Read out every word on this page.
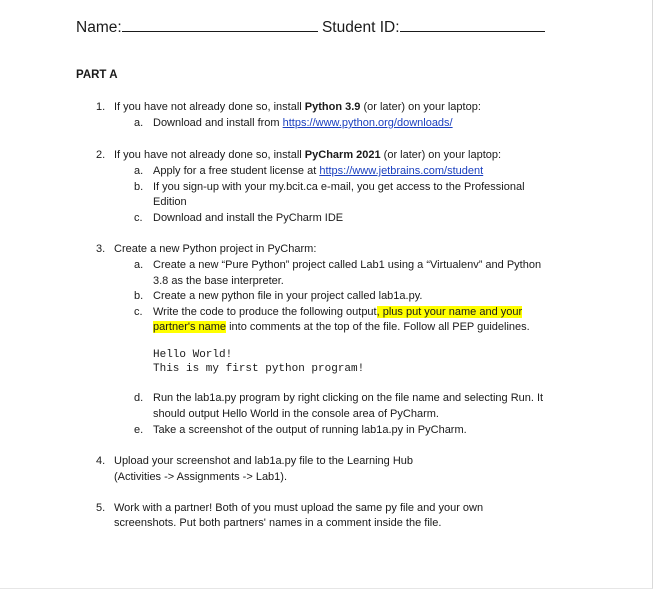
Name:	Student ID:
PART A
1. If you have not already done so, install Python 3.9 (or later) on your laptop:
a. Download and install from https://www.python.org/downloads/
2. If you have not already done so, install PyCharm 2021 (or later) on your laptop:
a. Apply for a free student license at https://www.jetbrains.com/student
b. If you sign-up with your my.bcit.ca e-mail, you get access to the Professional
Edition
c. Download and install the PyCharm IDE
3. Create a new Python project in PyCharm:
a. Create a new “Pure Python” project called Lab1 using a “Virtualenv” and Python
3.8 as the base interpreter.
b. Create a new python file in your project called lab1a.py.
c. Write the code to produce the following output, plus put your name and your
partner's name into comments at the top of the file. Follow all PEP guidelines.
Hello World!
This is my first python program!
d. Run the lab1a.py program by right clicking on the file name and selecting Run. It
should output Hello World in the console area of PyCharm.
e. Take a screenshot of the output of running lab1a.py in PyCharm.
4. Upload your screenshot and lab1a.py file to the Learning Hub
(Activities -> Assignments -> Lab1).
5. Work with a partner! Both of you must upload the same py file and your own
screenshots. Put both partners' names in a comment inside the file.
